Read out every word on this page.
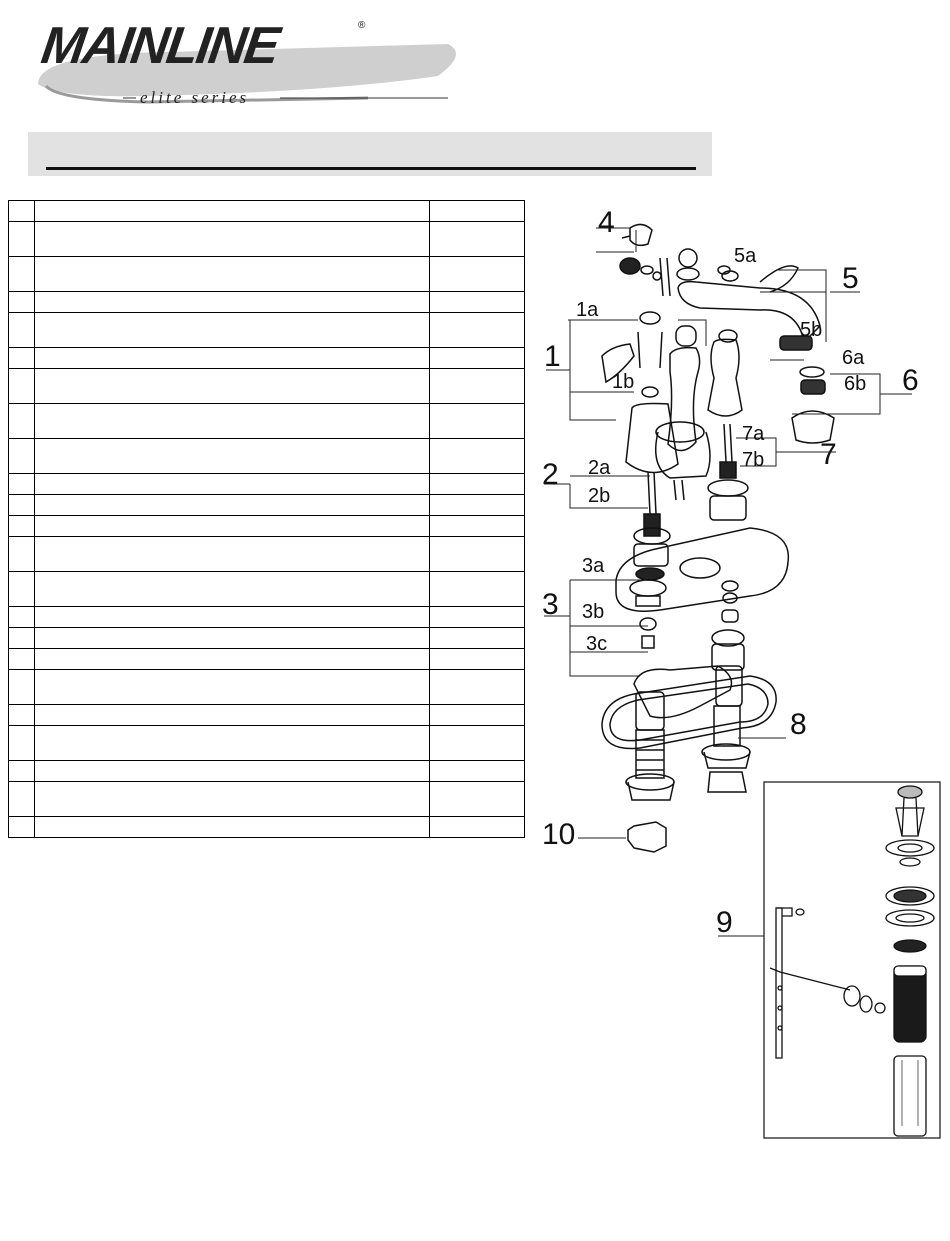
MAINLINE	®
elite series

4
5a
5
1a
5b
1	6a
1b	6b 6
7a
7b 7
2a
2
2b
3a
3 3b
3c
8
10
9
